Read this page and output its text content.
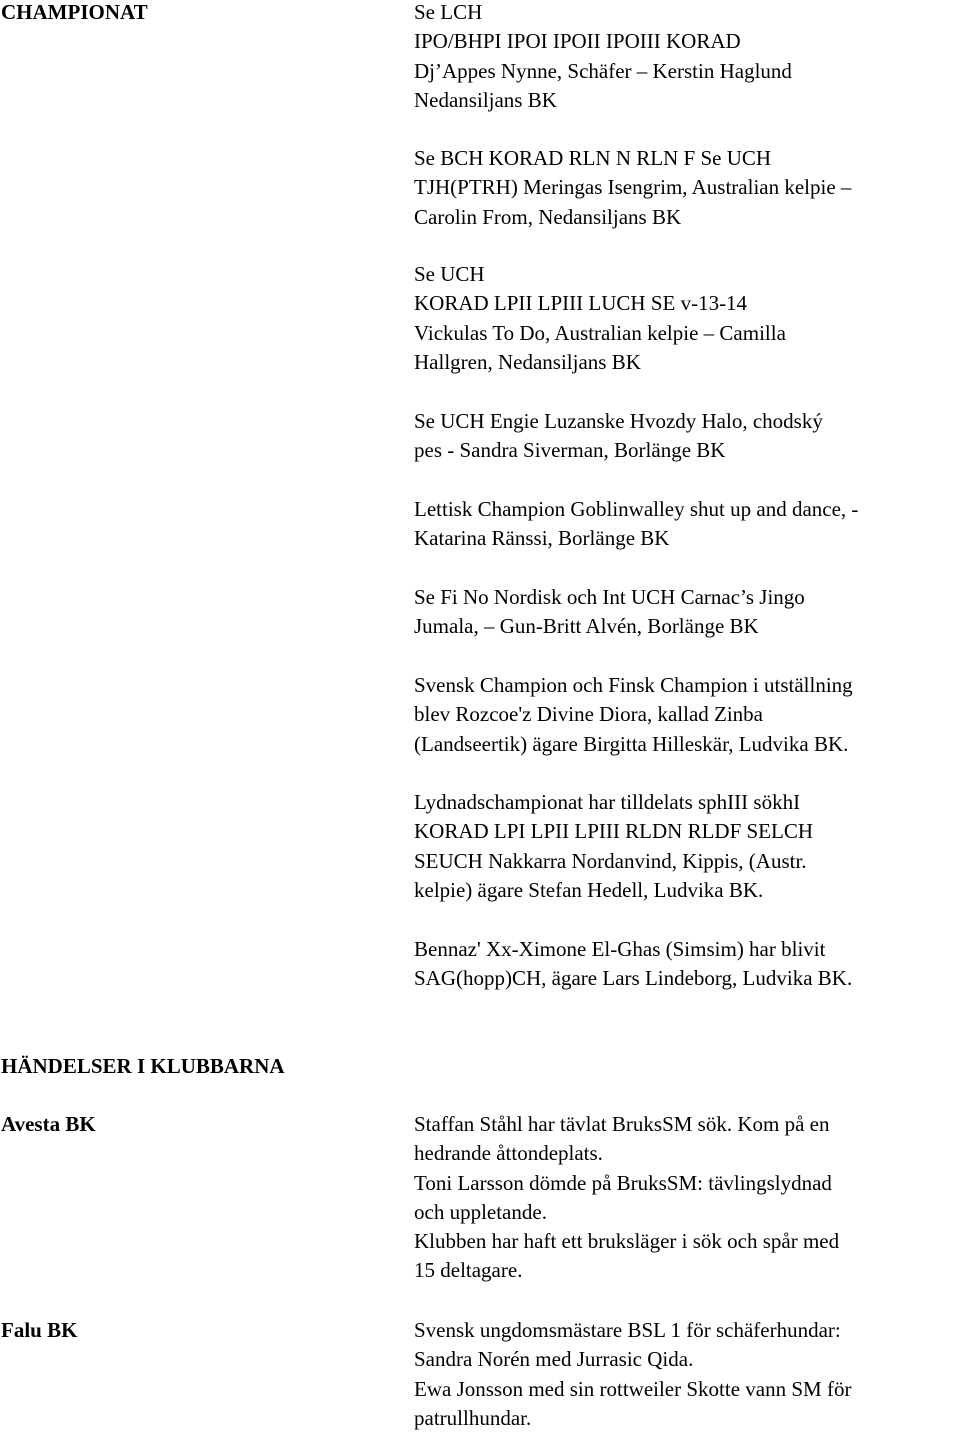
CHAMPIONAT	Se LCH
IPO/BHPI IPOI IPOII IPOIII KORAD
Dj’Appes Nynne, Schäfer – Kerstin Haglund
Nedansiljans BK
Se BCH KORAD RLN N RLN F Se UCH
TJH(PTRH) Meringas Isengrim, Australian kelpie –
Carolin From, Nedansiljans BK
Se UCH
KORAD LPII LPIII LUCH SE v-13-14
Vickulas To Do, Australian kelpie – Camilla
Hallgren, Nedansiljans BK
Se UCH Engie Luzanske Hvozdy Halo, chodský
pes - Sandra Siverman, Borlänge BK
Lettisk Champion Goblinwalley shut up and dance, -
Katarina Ränssi, Borlänge BK
Se Fi No Nordisk och Int UCH Carnac’s Jingo
Jumala, – Gun-Britt Alvén, Borlänge BK
Svensk Champion och Finsk Champion i utställning
blev Rozcoe'z Divine Diora, kallad Zinba
(Landseertik) ägare Birgitta Hilleskär, Ludvika BK.
Lydnadschampionat har tilldelats sphIII sökhI
KORAD LPI LPII LPIII RLDN RLDF SELCH
SEUCH Nakkarra Nordanvind, Kippis, (Austr.
kelpie) ägare Stefan Hedell, Ludvika BK.
Bennaz' Xx-Ximone El-Ghas (Simsim) har blivit
SAG(hopp)CH, ägare Lars Lindeborg, Ludvika BK.
HÄNDELSER I KLUBBARNA
Avesta BK	Staffan Ståhl har tävlat BruksSM sök. Kom på en
hedrande åttondeplats.
Toni Larsson dömde på BruksSM: tävlingslydnad
och uppletande.
Klubben har haft ett bruksläger i sök och spår med
15 deltagare.
Falu BK	Svensk ungdomsmästare BSL 1 för schäferhundar:
Sandra Norén med Jurrasic Qida.
Ewa Jonsson med sin rottweiler Skotte vann SM för
patrullhundar.
